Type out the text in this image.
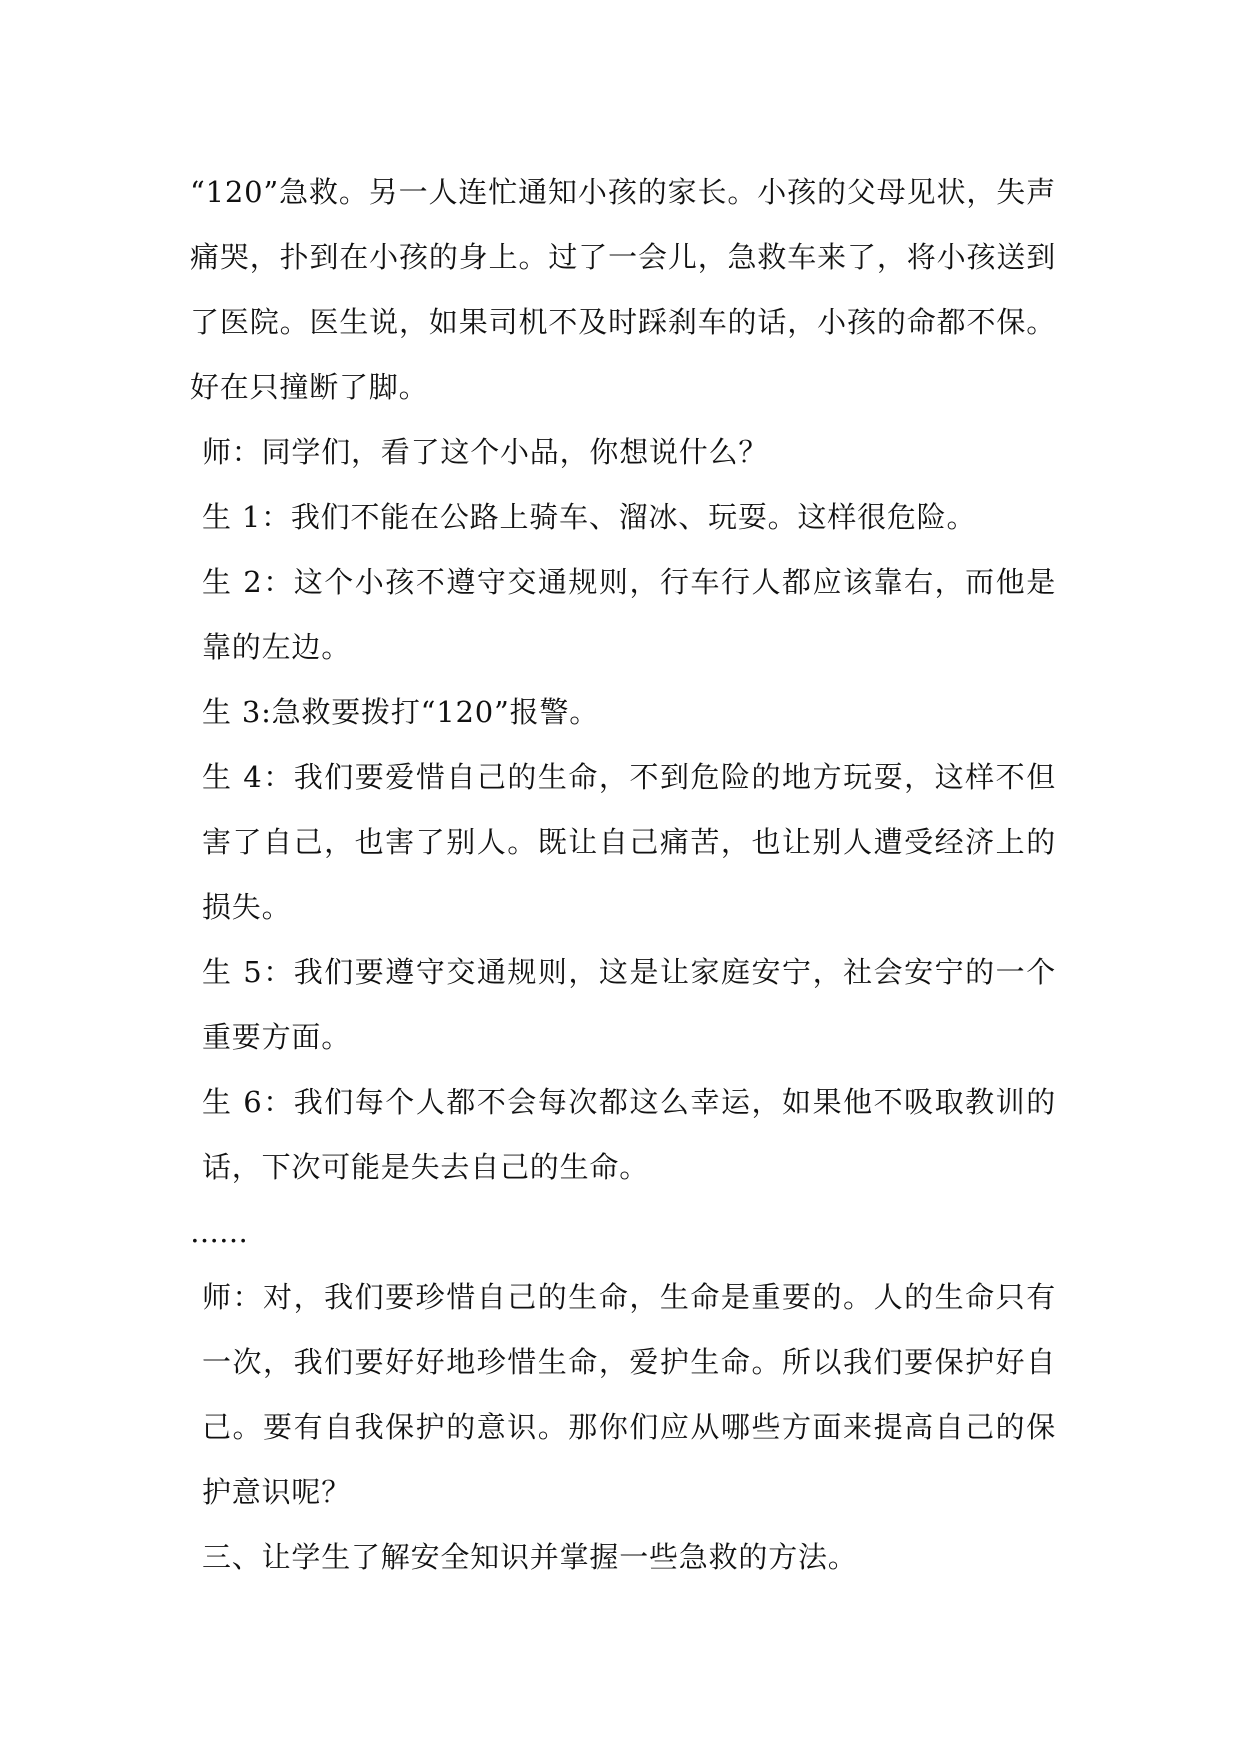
“120”急救。另一人连忙通知小孩的家长。小孩的父母见状，失声痛哭，扑到在小孩的身上。过了一会儿，急救车来了，将小孩送到了医院。医生说，如果司机不及时踩刹车的话，小孩的命都不保。好在只撞断了脚。

师：同学们，看了这个小品，你想说什么？

生 1：我们不能在公路上骑车、溜冰、玩耍。这样很危险。

生 2：这个小孩不遵守交通规则，行车行人都应该靠右，而他是靠的左边。

生 3:急救要拨打“120”报警。

生 4：我们要爱惜自己的生命，不到危险的地方玩耍，这样不但害了自己，也害了别人。既让自己痛苦，也让别人遭受经济上的损失。

生 5：我们要遵守交通规则，这是让家庭安宁，社会安宁的一个重要方面。

生 6：我们每个人都不会每次都这么幸运，如果他不吸取教训的话，下次可能是失去自己的生命。

……

师：对，我们要珍惜自己的生命，生命是重要的。人的生命只有一次，我们要好好地珍惜生命，爱护生命。所以我们要保护好自己。要有自我保护的意识。那你们应从哪些方面来提高自己的保护意识呢？

三、让学生了解安全知识并掌握一些急救的方法。
